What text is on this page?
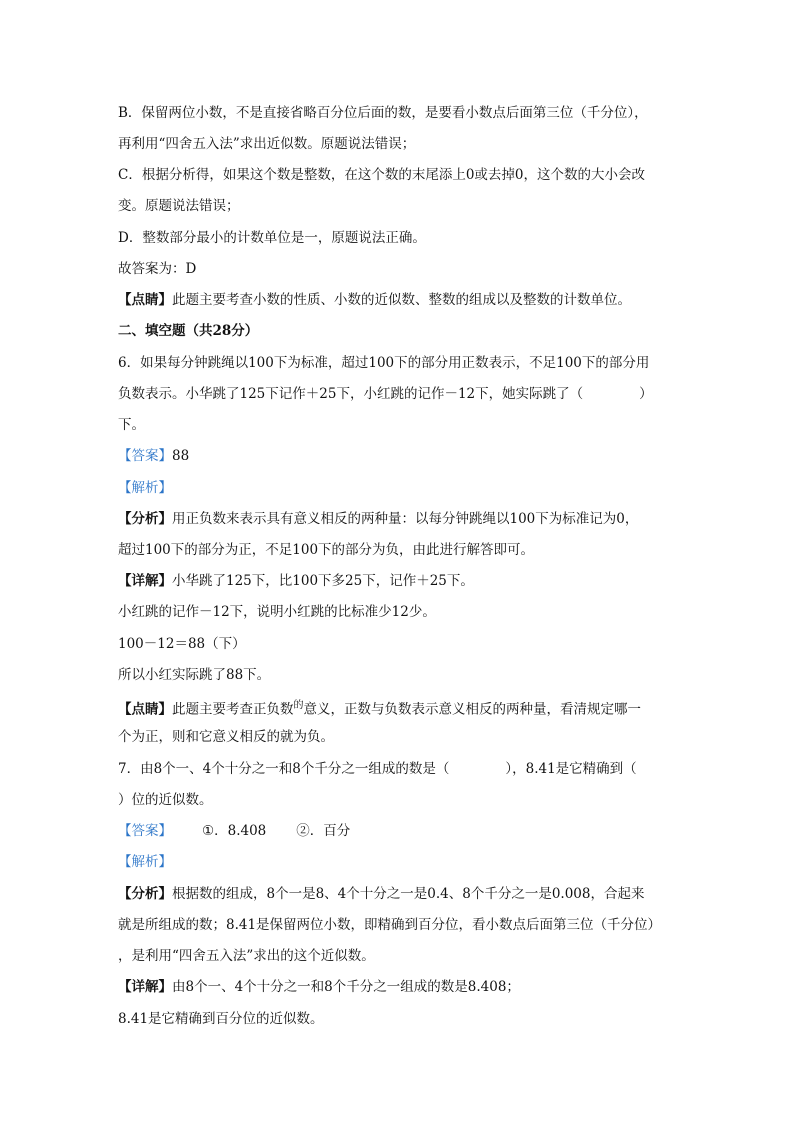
B．保留两位小数，不是直接省略百分位后面的数，是要看小数点后面第三位（千分位），
再利用“四舍五入法”求出近似数。原题说法错误；
C．根据分析得，如果这个数是整数，在这个数的末尾添上0或去掉0，这个数的大小会改
变。原题说法错误；
D．整数部分最小的计数单位是一，原题说法正确。
故答案为：D
【点睛】此题主要考查小数的性质、小数的近似数、整数的组成以及整数的计数单位。
二、填空题（共28分）
6．如果每分钟跳绳以100下为标准，超过100下的部分用正数表示，不足100下的部分用
负数表示。小华跳了125下记作＋25下，小红跳的记作－12下，她实际跳了（	）
下。
【答案】88
【解析】
【分析】用正负数来表示具有意义相反的两种量：以每分钟跳绳以100下为标准记为0，
超过100下的部分为正，不足100下的部分为负，由此进行解答即可。
【详解】小华跳了125下，比100下多25下，记作＋25下。
小红跳的记作－12下，说明小红跳的比标准少12少。
100－12＝88（下）
所以小红实际跳了88下。
【点睛】此题主要考查正负数$^的$意义，正数与负数表示意义相反的两种量，看清规定哪一
个为正，则和它意义相反的就为负。
7．由8个一、4个十分之一和8个千分之一组成的数是（	），8.41是它精确到（
）位的近似数。
【答案】 ①．8.408 ②．百分
【解析】
【分析】根据数的组成，8个一是8、4个十分之一是0.4、8个千分之一是0.008，合起来
就是所组成的数；8.41是保留两位小数，即精确到百分位，看小数点后面第三位（千分位）
，是利用“四舍五入法”求出的这个近似数。
【详解】由8个一、4个十分之一和8个千分之一组成的数是8.408；
8.41是它精确到百分位的近似数。
